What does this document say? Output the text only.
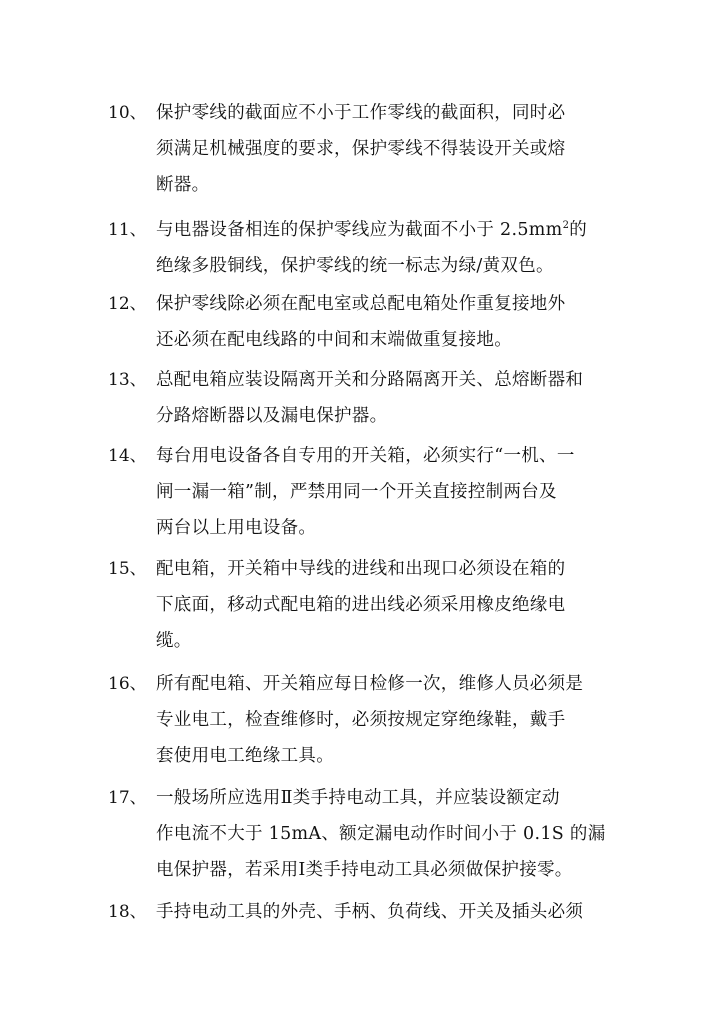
10、 保护零线的截面应不小于工作零线的截面积，同时必
须满足机械强度的要求，保护零线不得装设开关或熔
断器。
11、 与电器设备相连的保护零线应为截面不小于 $2.5mm^2$的
绝缘多股铜线，保护零线的统一标志为绿/黄双色。
12、 保护零线除必须在配电室或总配电箱处作重复接地外
还必须在配电线路的中间和末端做重复接地。
13、 总配电箱应装设隔离开关和分路隔离开关、总熔断器和
分路熔断器以及漏电保护器。
14、 每台用电设备各自专用的开关箱，必须实行“一机、一
闸一漏一箱”制，严禁用同一个开关直接控制两台及
两台以上用电设备。
15、 配电箱，开关箱中导线的进线和出现口必须设在箱的
下底面，移动式配电箱的进出线必须采用橡皮绝缘电
缆。
16、 所有配电箱、开关箱应每日检修一次，维修人员必须是
专业电工，检查维修时，必须按规定穿绝缘鞋，戴手
套使用电工绝缘工具。
17、 一般场所应选用Ⅱ类手持电动工具，并应装设额定动
作电流不大于 15mA、额定漏电动作时间小于 0.1S 的漏
电保护器，若采用Ⅰ类手持电动工具必须做保护接零。
18、 手持电动工具的外壳、手柄、负荷线、开关及插头必须
